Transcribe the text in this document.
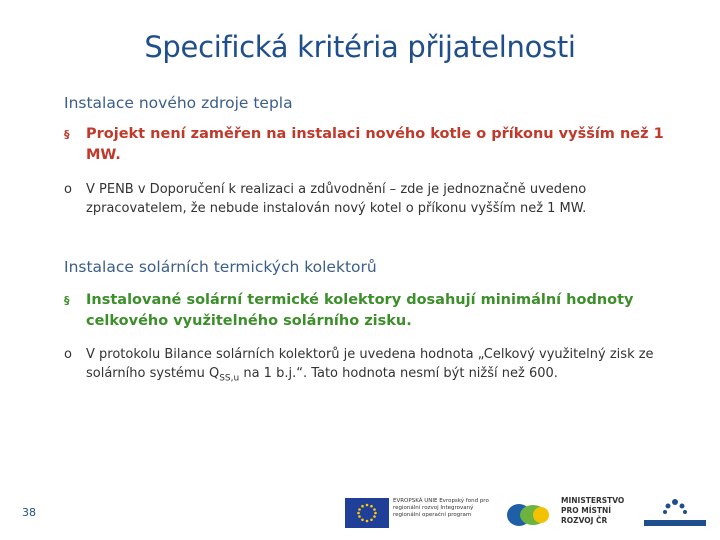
Specifická kritéria přijatelnosti
Instalace nového zdroje tepla
§ Projekt není zaměřen na instalaci nového kotle o příkonu vyšším než 1 MW.
o V PENB v Doporučení k realizaci a zdůvodnění – zde je jednoznačně uvedeno zpracovatelem, že nebude instalován nový kotel o příkonu vyšším než 1 MW.
Instalace solárních termických kolektorů
§ Instalované solární termické kolektory dosahují minimální hodnoty celkového využitelného solárního zisku.
o V protokolu Bilance solárních kolektorů je uvedena hodnota „Celkový využitelný zisk ze solárního systému $Q_{SS,u}$ na 1 b.j.“. Tato hodnota nesmí být nižší než 600.
38
EVROPSKÁ UNIE Evropský fond pro regionální rozvoj Integrovaný regionální operační program
MINISTERSTVO PRO MÍSTNÍ ROZVOJ ČR
